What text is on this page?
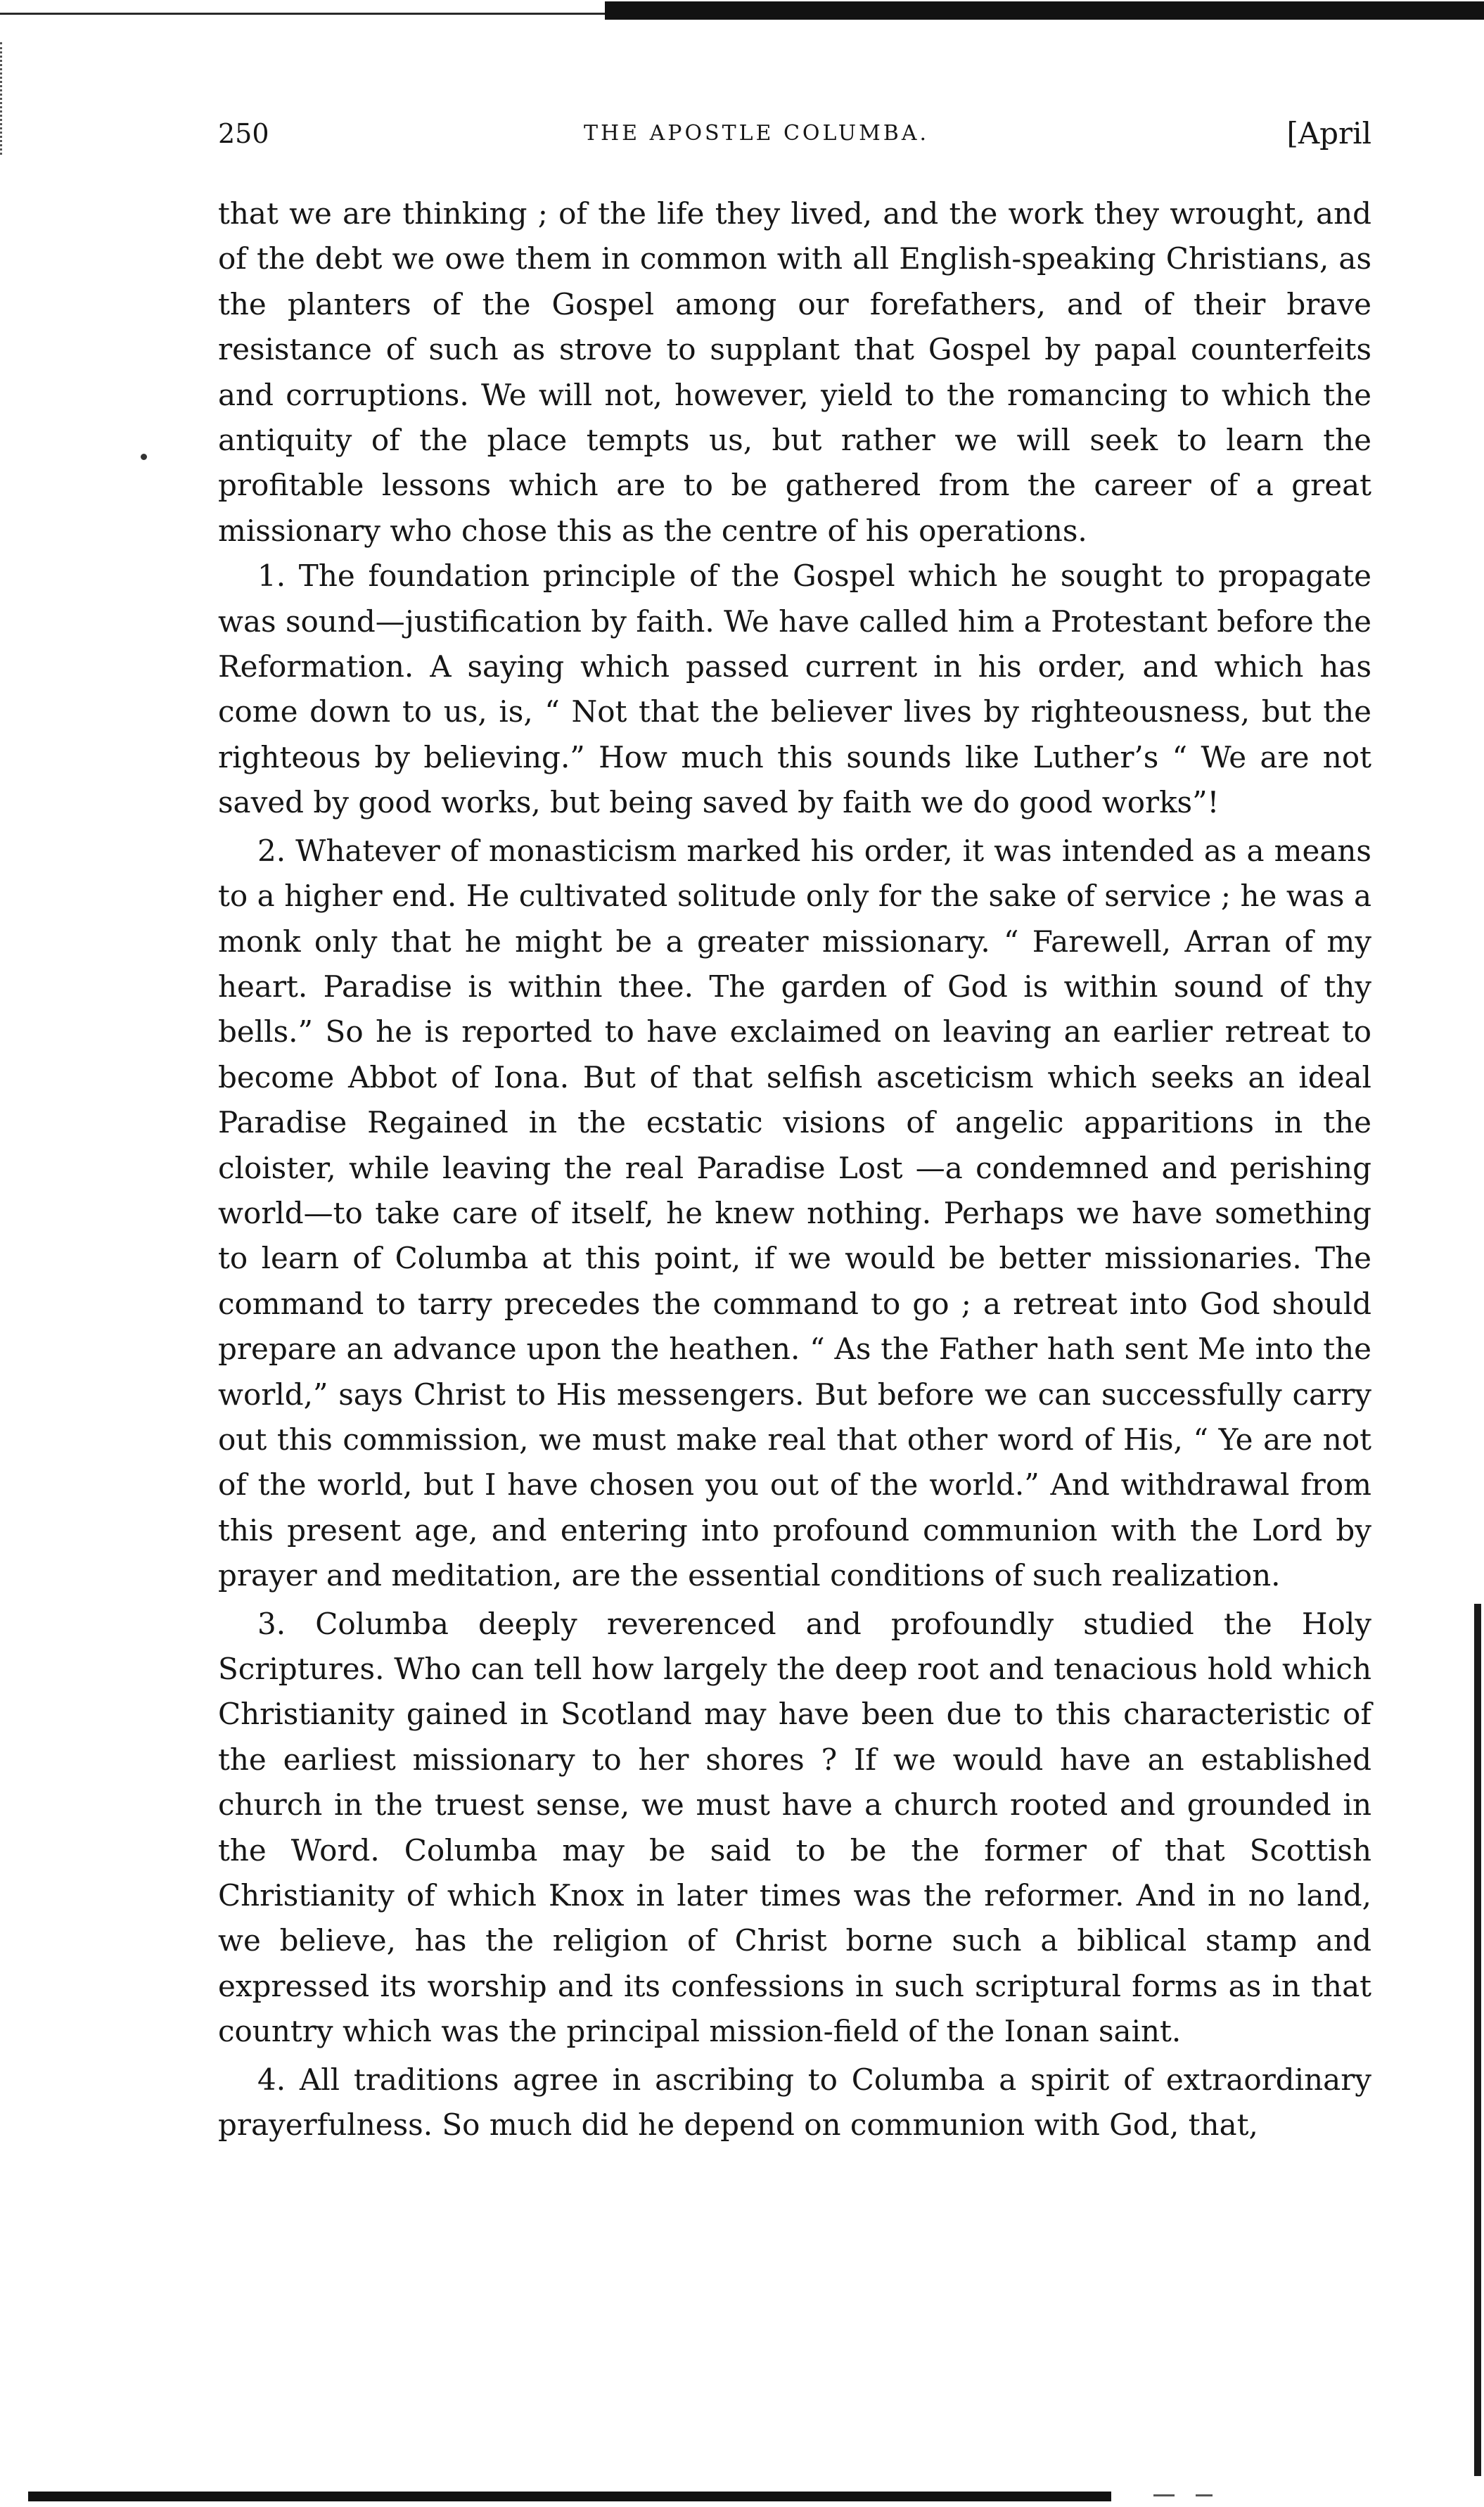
250	THE APOSTLE COLUMBA.	[April

that we are thinking ; of the life they lived, and the work they wrought, and of the debt we owe them in common with all English-speaking Christians, as the planters of the Gospel among our forefathers, and of their brave resistance of such as strove to supplant that Gospel by papal counterfeits and corruptions. We will not, however, yield to the romancing to which the antiquity of the place tempts us, but rather we will seek to learn the profitable lessons which are to be gathered from the career of a great missionary who chose this as the centre of his operations.

1. The foundation principle of the Gospel which he sought to propagate was sound—justification by faith. We have called him a Protestant before the Reformation. A saying which passed current in his order, and which has come down to us, is, “ Not that the believer lives by righteousness, but the righteous by believing.” How much this sounds like Luther’s “ We are not saved by good works, but being saved by faith we do good works”!

2. Whatever of monasticism marked his order, it was intended as a means to a higher end. He cultivated solitude only for the sake of service ; he was a monk only that he might be a greater missionary. “ Farewell, Arran of my heart. Paradise is within thee. The garden of God is within sound of thy bells.” So he is reported to have exclaimed on leaving an earlier retreat to become Abbot of Iona. But of that selfish asceticism which seeks an ideal Paradise Regained in the ecstatic visions of angelic apparitions in the cloister, while leaving the real Paradise Lost —a condemned and perishing world—to take care of itself, he knew nothing. Perhaps we have something to learn of Columba at this point, if we would be better missionaries. The command to tarry precedes the command to go ; a retreat into God should prepare an advance upon the heathen. “ As the Father hath sent Me into the world,” says Christ to His messengers. But before we can successfully carry out this commission, we must make real that other word of His, “ Ye are not of the world, but I have chosen you out of the world.” And withdrawal from this present age, and entering into profound communion with the Lord by prayer and meditation, are the essential conditions of such realization.

3. Columba deeply reverenced and profoundly studied the Holy Scriptures. Who can tell how largely the deep root and tenacious hold which Christianity gained in Scotland may have been due to this characteristic of the earliest missionary to her shores ? If we would have an established church in the truest sense, we must have a church rooted and grounded in the Word. Columba may be said to be the former of that Scottish Christianity of which Knox in later times was the reformer. And in no land, we believe, has the religion of Christ borne such a biblical stamp and expressed its worship and its confessions in such scriptural forms as in that country which was the principal mission-field of the Ionan saint.

4. All traditions agree in ascribing to Columba a spirit of extraordinary prayerfulness. So much did he depend on communion with God, that,
